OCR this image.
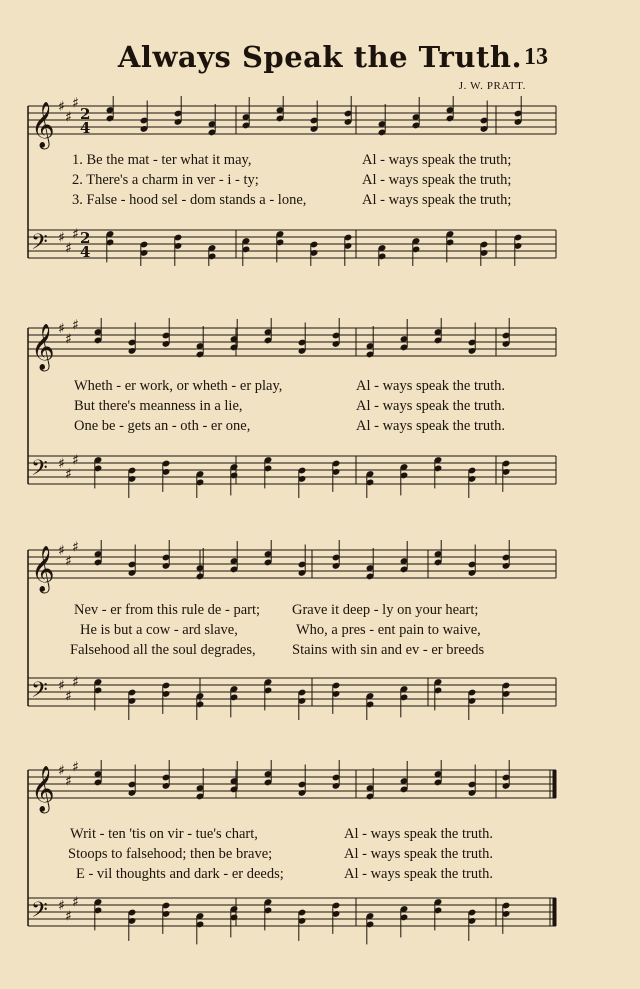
Always Speak the Truth. 13
J. W. PRATT.
𝄞 ♯
♯
♯
2
4
𝄢 ♯
♯
♯ 2
4
1. Be the mat - ter what it may,	Al - ways speak the truth;
2. There's a charm in ver - i - ty;	Al - ways speak the truth;
3. False - hood sel - dom stands a - lone,	Al - ways speak the truth;
𝄞 ♯
♯
♯
𝄢 ♯
♯
♯
Wheth - er work, or wheth - er play,	Al - ways speak the truth.
But there's meanness in a lie,	Al - ways speak the truth.
One be - gets an - oth - er one,	Al - ways speak the truth.
𝄞 ♯
♯
♯
𝄢 ♯
♯
♯
Nev - er from this rule de - part; Grave it deep - ly on your heart;
He is but a cow - ard slave,	Who, a pres - ent pain to waive,
Falsehood all the soul degrades,	Stains with sin and ev - er breeds
𝄞 ♯
♯
♯
𝄢 ♯
♯
♯
Writ - ten 'tis on vir - tue's chart,	Al - ways speak the truth.
Stoops to falsehood; then be brave;	Al - ways speak the truth.
E - vil thoughts and dark - er deeds;	Al - ways speak the truth.
